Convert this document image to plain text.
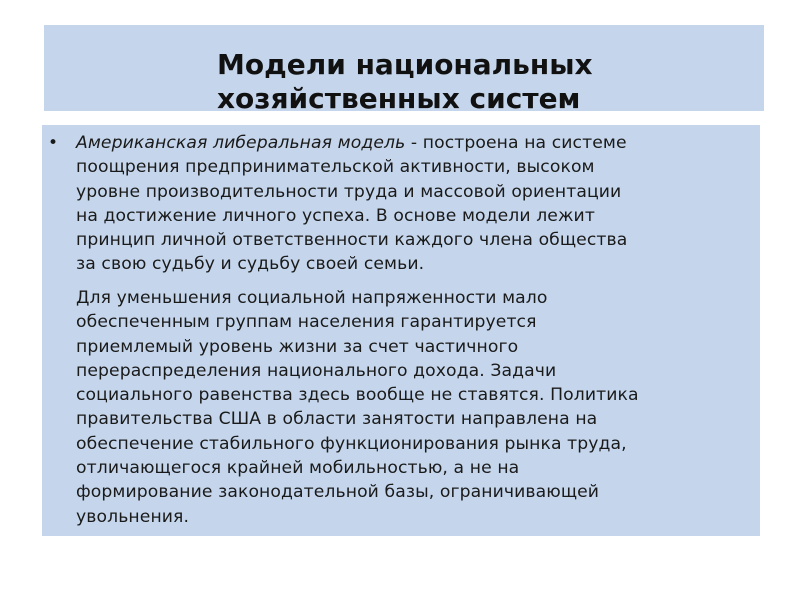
Модели национальных
хозяйственных систем
• Американская либеральная модель - построена на системе
поощрения предпринимательской активности, высоком
уровне производительности труда и массовой ориентации
на достижение личного успеха. В основе модели лежит
принцип личной ответственности каждого члена общества
за свою судьбу и судьбу своей семьи.

Для уменьшения социальной напряженности мало
обеспеченным группам населения гарантируется
приемлемый уровень жизни за счет частичного
перераспределения национального дохода. Задачи
социального равенства здесь вообще не ставятся. Политика
правительства США в области занятости направлена на
обеспечение стабильного функционирования рынка труда,
отличающегося крайней мобильностью, а не на
формирование законодательной базы, ограничивающей
увольнения.
